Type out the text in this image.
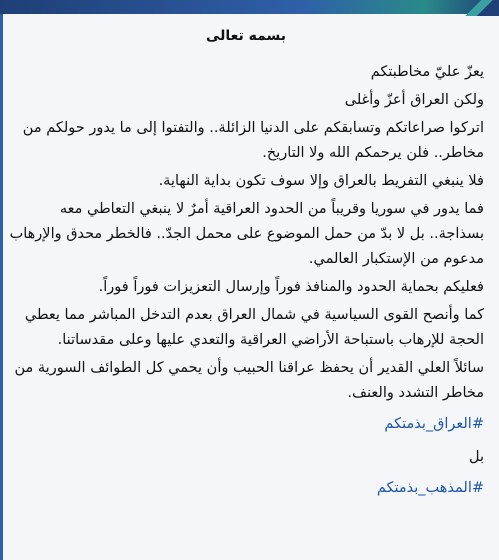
بسمه تعالى

يعزّ عليّ مخاطبتكم

ولكن العراق أعزّ وأغلى

اتركوا صراعاتكم وتسابقكم على الدنيا الزائلة.. والتفتوا إلى ما يدور حولكم من مخاطر.. فلن يرحمكم الله ولا التاريخ.

فلا ينبغي التفريط بالعراق وإلا سوف تكون بداية النهاية.

فما يدور في سوريا وقريباً من الحدود العراقية أمرٌ لا ينبغي التعاطي معه بسذاجة.. بل لا بدّ من حمل الموضوع على محمل الجدّ.. فالخطر محدق والإرهاب مدعوم من الإستكبار العالمي.

فعليكم بحماية الحدود والمنافذ فوراً وإرسال التعزيزات فوراً فوراً.

كما وأنصح القوى السياسية في شمال العراق بعدم التدخل المباشر مما يعطي الحجة للإرهاب باستباحة الأراضي العراقية والتعدي عليها وعلى مقدساتنا.

سائلاً العلي القدير أن يحفظ عراقنا الحبيب وأن يحمي كل الطوائف السورية من مخاطر التشدد والعنف.

#العراق_بذمتكم
بل
#المذهب_بذمتكم
